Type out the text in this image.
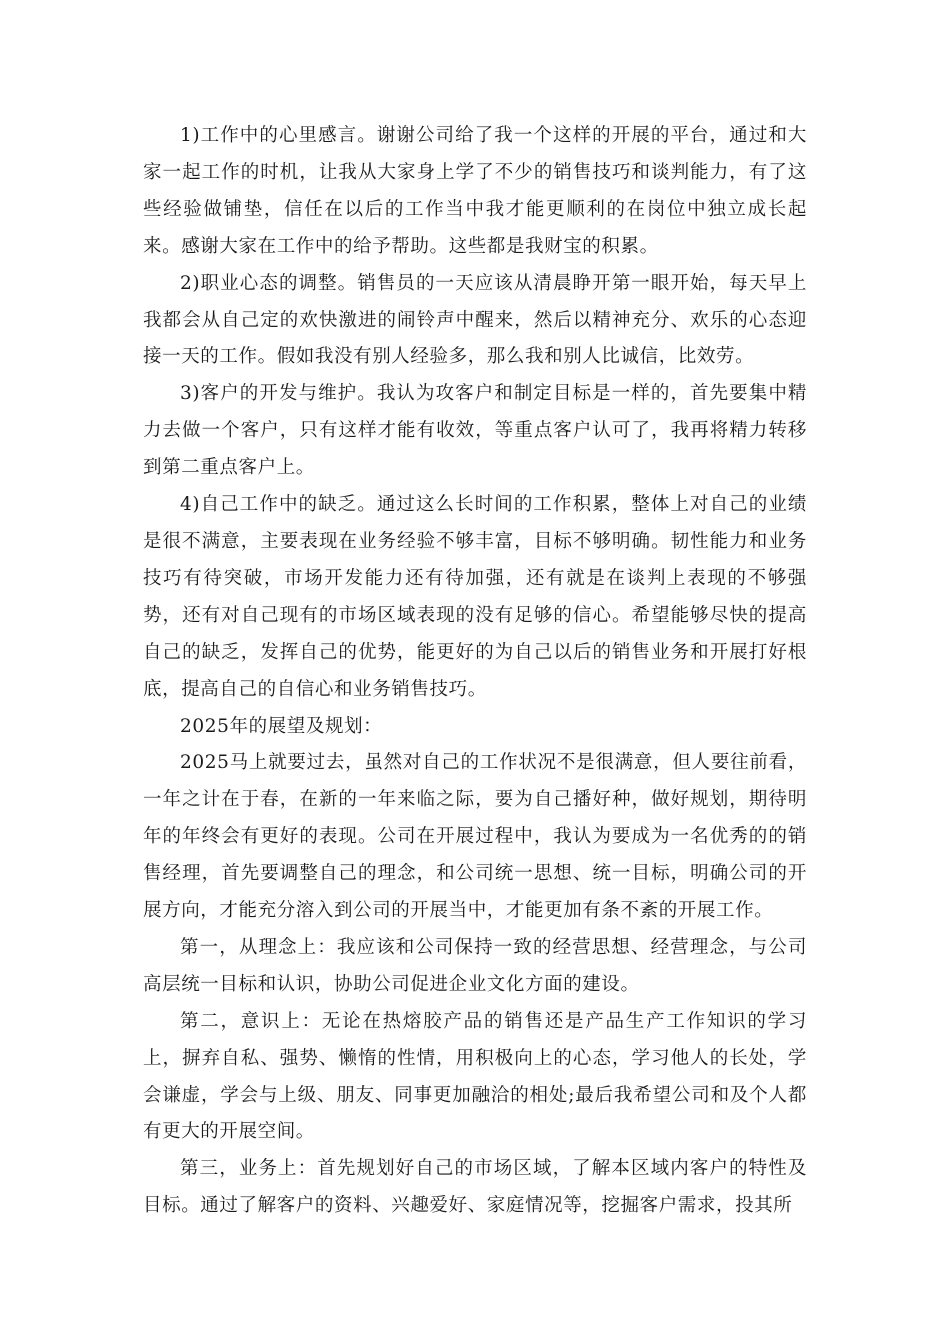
1)工作中的心里感言。谢谢公司给了我一个这样的开展的平台，通过和大家一起工作的时机，让我从大家身上学了不少的销售技巧和谈判能力，有了这些经验做铺垫，信任在以后的工作当中我才能更顺利的在岗位中独立成长起来。感谢大家在工作中的给予帮助。这些都是我财宝的积累。

2)职业心态的调整。销售员的一天应该从清晨睁开第一眼开始，每天早上我都会从自己定的欢快激进的闹铃声中醒来，然后以精神充分、欢乐的心态迎接一天的工作。假如我没有别人经验多，那么我和别人比诚信，比效劳。

3)客户的开发与维护。我认为攻客户和制定目标是一样的，首先要集中精力去做一个客户，只有这样才能有收效，等重点客户认可了，我再将精力转移到第二重点客户上。

4)自己工作中的缺乏。通过这么长时间的工作积累，整体上对自己的业绩是很不满意，主要表现在业务经验不够丰富，目标不够明确。韧性能力和业务技巧有待突破，市场开发能力还有待加强，还有就是在谈判上表现的不够强势，还有对自己现有的市场区域表现的没有足够的信心。希望能够尽快的提高自己的缺乏，发挥自己的优势，能更好的为自己以后的销售业务和开展打好根底，提高自己的自信心和业务销售技巧。

2025年的展望及规划：

2025马上就要过去，虽然对自己的工作状况不是很满意，但人要往前看，一年之计在于春，在新的一年来临之际，要为自己播好种，做好规划，期待明年的年终会有更好的表现。公司在开展过程中，我认为要成为一名优秀的的销售经理，首先要调整自己的理念，和公司统一思想、统一目标，明确公司的开展方向，才能充分溶入到公司的开展当中，才能更加有条不紊的开展工作。

第一，从理念上：我应该和公司保持一致的经营思想、经营理念，与公司高层统一目标和认识，协助公司促进企业文化方面的建设。

第二，意识上：无论在热熔胶产品的销售还是产品生产工作知识的学习上，摒弃自私、强势、懒惰的性情，用积极向上的心态，学习他人的长处，学会谦虚，学会与上级、朋友、同事更加融洽的相处;最后我希望公司和及个人都有更大的开展空间。

第三，业务上：首先规划好自己的市场区域，了解本区域内客户的特性及目标。通过了解客户的资料、兴趣爱好、家庭情况等，挖掘客户需求，投其所
